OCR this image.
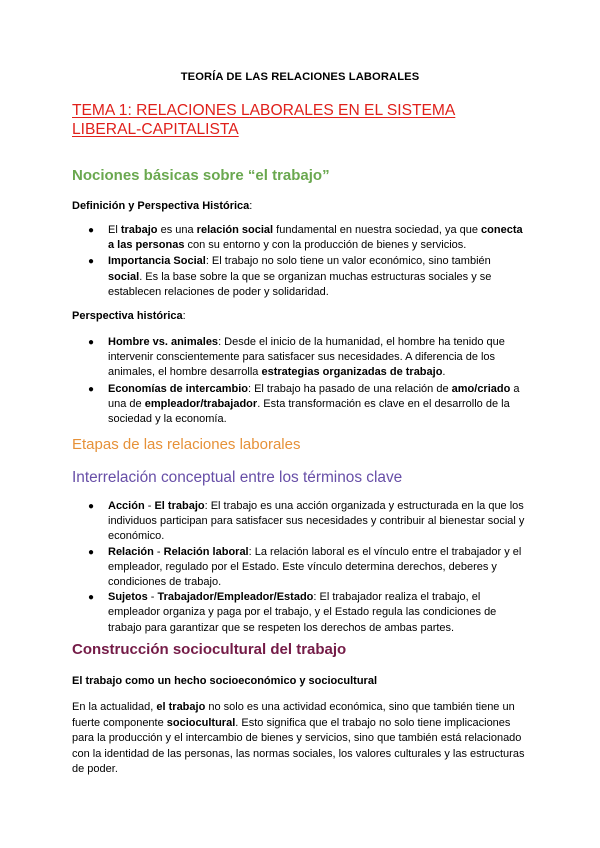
TEORÍA DE LAS RELACIONES LABORALES
TEMA 1: RELACIONES LABORALES EN EL SISTEMA LIBERAL-CAPITALISTA
Nociones básicas sobre “el trabajo”
Definición y Perspectiva Histórica:
● El trabajo es una relación social fundamental en nuestra sociedad, ya que conecta a las personas con su entorno y con la producción de bienes y servicios.
● Importancia Social: El trabajo no solo tiene un valor económico, sino también social. Es la base sobre la que se organizan muchas estructuras sociales y se establecen relaciones de poder y solidaridad.
Perspectiva histórica:
● Hombre vs. animales: Desde el inicio de la humanidad, el hombre ha tenido que intervenir conscientemente para satisfacer sus necesidades. A diferencia de los animales, el hombre desarrolla estrategias organizadas de trabajo.
● Economías de intercambio: El trabajo ha pasado de una relación de amo/criado a una de empleador/trabajador. Esta transformación es clave en el desarrollo de la sociedad y la economía.
Etapas de las relaciones laborales
Interrelación conceptual entre los términos clave
● Acción - El trabajo: El trabajo es una acción organizada y estructurada en la que los individuos participan para satisfacer sus necesidades y contribuir al bienestar social y económico.
● Relación - Relación laboral: La relación laboral es el vínculo entre el trabajador y el empleador, regulado por el Estado. Este vínculo determina derechos, deberes y condiciones de trabajo.
● Sujetos - Trabajador/Empleador/Estado: El trabajador realiza el trabajo, el empleador organiza y paga por el trabajo, y el Estado regula las condiciones de trabajo para garantizar que se respeten los derechos de ambas partes.
Construcción sociocultural del trabajo
El trabajo como un hecho socioeconómico y sociocultural
En la actualidad, el trabajo no solo es una actividad económica, sino que también tiene un fuerte componente sociocultural. Esto significa que el trabajo no solo tiene implicaciones para la producción y el intercambio de bienes y servicios, sino que también está relacionado con la identidad de las personas, las normas sociales, los valores culturales y las estructuras de poder.
